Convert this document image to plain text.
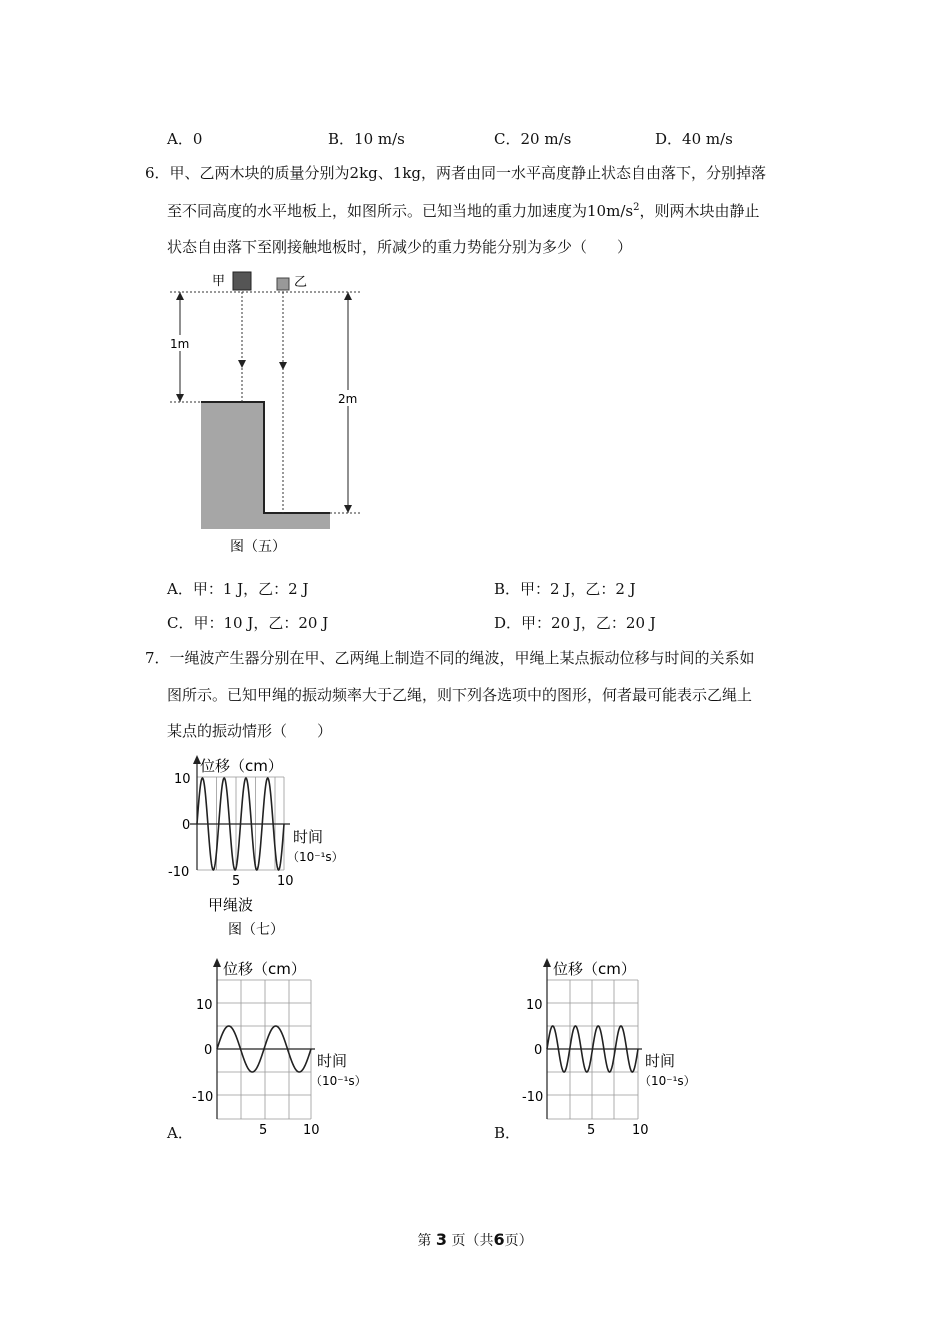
A．0	B．10 m/s	C．20 m/s	D．40 m/s
6．甲、乙两木块的质量分别为2kg、1kg，两者由同一水平高度静止状态自由落下，分别掉落
至不同高度的水平地板上，如图所示。已知当地的重力加速度为$10m/s^2$，则两木块由静止
状态自由落下至刚接触地板时，所减少的重力势能分别为多少（　　）
甲	乙
1m
2m
图（五）
A．甲：1 J，乙：2 J	B．甲：2 J，乙：2 J
C．甲：10 J，乙：20 J	D．甲：20 J，乙：20 J
7．一绳波产生器分别在甲、乙两绳上制造不同的绳波，甲绳上某点振动位移与时间的关系如
图所示。已知甲绳的振动频率大于乙绳，则下列各选项中的图形，何者最可能表示乙绳上
某点的振动情形（　　）
位移（cm）
时间
（10⁻¹s）
10
0
-10
5	10
甲绳波
图（七）
A．
位移（cm）
时间
（10⁻¹s）
10
0
-10
5	10	B．
位移（cm）
时间
（10⁻¹s）
10
0
-10
5	10
第 3 页（共6页）
